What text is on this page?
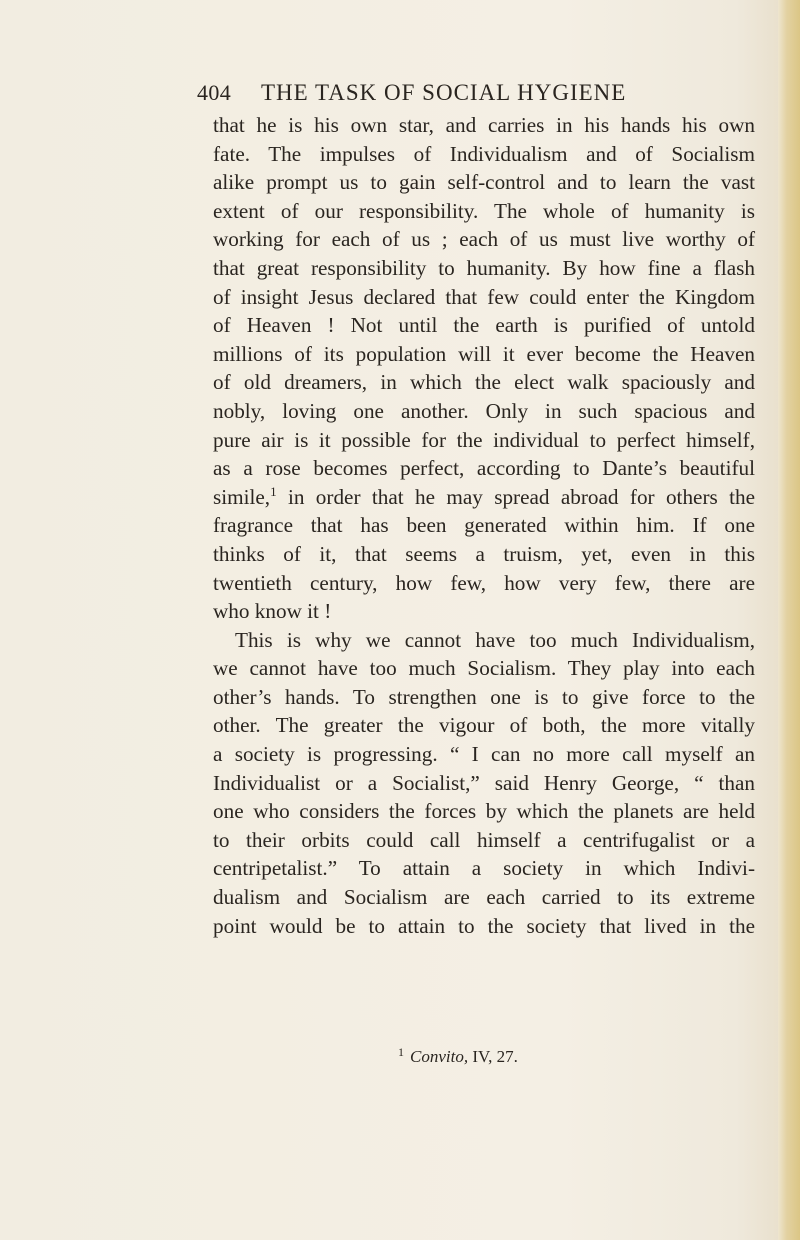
404 THE TASK OF SOCIAL HYGIENE
that he is his own star, and carries in his hands his own
fate. The impulses of Individualism and of Socialism
alike prompt us to gain self-control and to learn the vast
extent of our responsibility. The whole of humanity is
working for each of us ; each of us must live worthy of
that great responsibility to humanity. By how fine a flash
of insight Jesus declared that few could enter the Kingdom
of Heaven ! Not until the earth is purified of untold
millions of its population will it ever become the Heaven
of old dreamers, in which the elect walk spaciously and
nobly, loving one another. Only in such spacious and
pure air is it possible for the individual to perfect himself,
as a rose becomes perfect, according to Dante’s beautiful
simile,$^1$ in order that he may spread abroad for others the
fragrance that has been generated within him. If one
thinks of it, that seems a truism, yet, even in this
twentieth century, how few, how very few, there are
who know it !
This is why we cannot have too much Individualism,
we cannot have too much Socialism. They play into each
other’s hands. To strengthen one is to give force to the
other. The greater the vigour of both, the more vitally
a society is progressing. “ I can no more call myself an
Individualist or a Socialist,” said Henry George, “ than
one who considers the forces by which the planets are held
to their orbits could call himself a centrifugalist or a
centripetalist.” To attain a society in which Indivi-
dualism and Socialism are each carried to its extreme
point would be to attain to the society that lived in the
$^1$ Convito, IV, 27.
